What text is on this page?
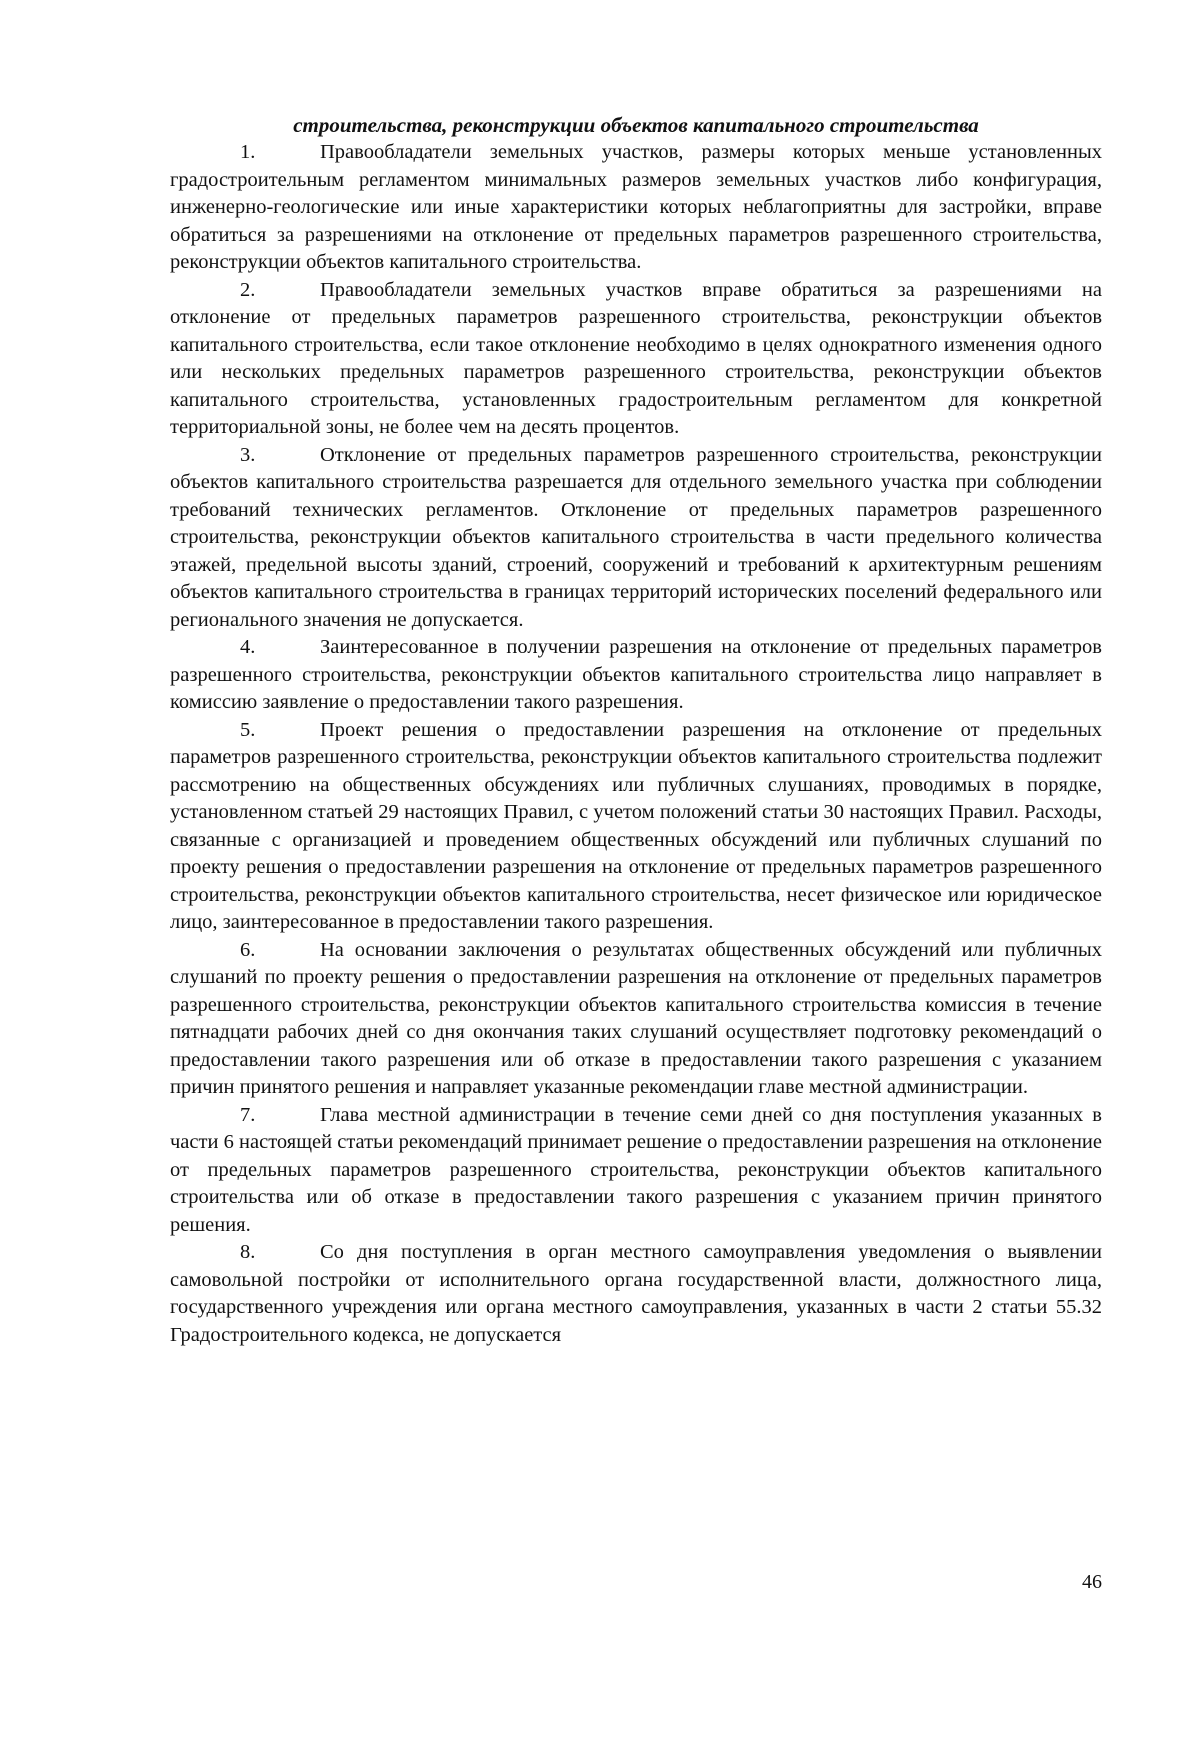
строительства, реконструкции объектов капитального строительства

1.	Правообладатели земельных участков, размеры которых меньше установленных градостроительным регламентом минимальных размеров земельных участков либо конфигурация, инженерно-геологические или иные характеристики которых неблагоприятны для застройки, вправе обратиться за разрешениями на отклонение от предельных параметров разрешенного строительства, реконструкции объектов капитального строительства.

2.	Правообладатели земельных участков вправе обратиться за разрешениями на отклонение от предельных параметров разрешенного строительства, реконструкции объектов капитального строительства, если такое отклонение необходимо в целях однократного изменения одного или нескольких предельных параметров разрешенного строительства, реконструкции объектов капитального строительства, установленных градостроительным регламентом для конкретной территориальной зоны, не более чем на десять процентов.

3.	Отклонение от предельных параметров разрешенного строительства, реконструкции объектов капитального строительства разрешается для отдельного земельного участка при соблюдении требований технических регламентов. Отклонение от предельных параметров разрешенного строительства, реконструкции объектов капитального строительства в части предельного количества этажей, предельной высоты зданий, строений, сооружений и требований к архитектурным решениям объектов капитального строительства в границах территорий исторических поселений федерального или регионального значения не допускается.

4.	Заинтересованное в получении разрешения на отклонение от предельных параметров разрешенного строительства, реконструкции объектов капитального строительства лицо направляет в комиссию заявление о предоставлении такого разрешения.

5.	Проект решения о предоставлении разрешения на отклонение от предельных параметров разрешенного строительства, реконструкции объектов капитального строительства подлежит рассмотрению на общественных обсуждениях или публичных слушаниях, проводимых в порядке, установленном статьей 29 настоящих Правил, с учетом положений статьи 30 настоящих Правил. Расходы, связанные с организацией и проведением общественных обсуждений или публичных слушаний по проекту решения о предоставлении разрешения на отклонение от предельных параметров разрешенного строительства, реконструкции объектов капитального строительства, несет физическое или юридическое лицо, заинтересованное в предоставлении такого разрешения.

6.	На основании заключения о результатах общественных обсуждений или публичных слушаний по проекту решения о предоставлении разрешения на отклонение от предельных параметров разрешенного строительства, реконструкции объектов капитального строительства комиссия в течение пятнадцати рабочих дней со дня окончания таких слушаний осуществляет подготовку рекомендаций о предоставлении такого разрешения или об отказе в предоставлении такого разрешения с указанием причин принятого решения и направляет указанные рекомендации главе местной администрации.

7.	Глава местной администрации в течение семи дней со дня поступления указанных в части 6 настоящей статьи рекомендаций принимает решение о предоставлении разрешения на отклонение от предельных параметров разрешенного строительства, реконструкции объектов капитального строительства или об отказе в предоставлении такого разрешения с указанием причин принятого решения.

8.	Со дня поступления в орган местного самоуправления уведомления о выявлении самовольной постройки от исполнительного органа государственной власти, должностного лица, государственного учреждения или органа местного самоуправления, указанных в части 2 статьи 55.32 Градостроительного кодекса, не допускается

46
